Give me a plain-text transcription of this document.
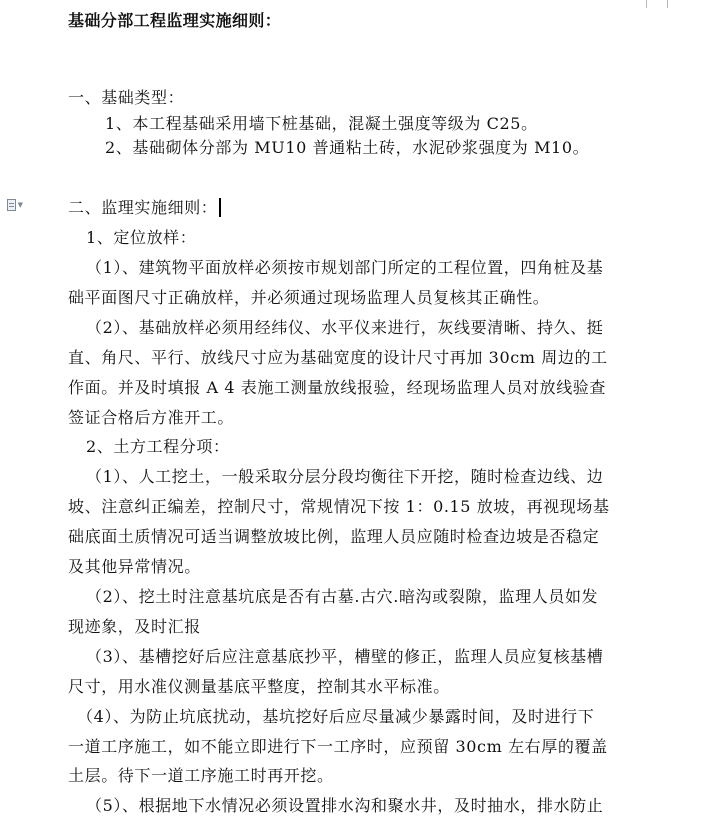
▼
基础分部工程监理实施细则：
一、基础类型：
1、本工程基础采用墙下桩基础，混凝土强度等级为 C25。
2、基础砌体分部为 MU10 普通粘土砖，水泥砂浆强度为 M10。
二、监理实施细则：
1、定位放样：
（1）、建筑物平面放样必须按市规划部门所定的工程位置，四角桩及基
础平面图尺寸正确放样，并必须通过现场监理人员复核其正确性。
（2）、基础放样必须用经纬仪、水平仪来进行，灰线要清晰、持久、挺
直、角尺、平行、放线尺寸应为基础宽度的设计尺寸再加 30cm 周边的工
作面。并及时填报 A 4 表施工测量放线报验，经现场监理人员对放线验查
签证合格后方准开工。
2、土方工程分项：
（1）、人工挖土，一般采取分层分段均衡往下开挖，随时检查边线、边
坡、注意纠正编差，控制尺寸，常规情况下按 1：0.15 放坡，再视现场基
础底面土质情况可适当调整放坡比例，监理人员应随时检查边坡是否稳定
及其他异常情况。
（2）、挖土时注意基坑底是否有古墓.古穴.暗沟或裂隙，监理人员如发
现迹象，及时汇报
（3）、基槽挖好后应注意基底抄平，槽壁的修正，监理人员应复核基槽
尺寸，用水准仪测量基底平整度，控制其水平标准。
（4）、为防止坑底扰动，基坑挖好后应尽量减少暴露时间，及时进行下
一道工序施工，如不能立即进行下一工序时，应预留 30cm 左右厚的覆盖
土层。待下一道工序施工时再开挖。
（5）、根据地下水情况必须设置排水沟和聚水井，及时抽水，排水防止
